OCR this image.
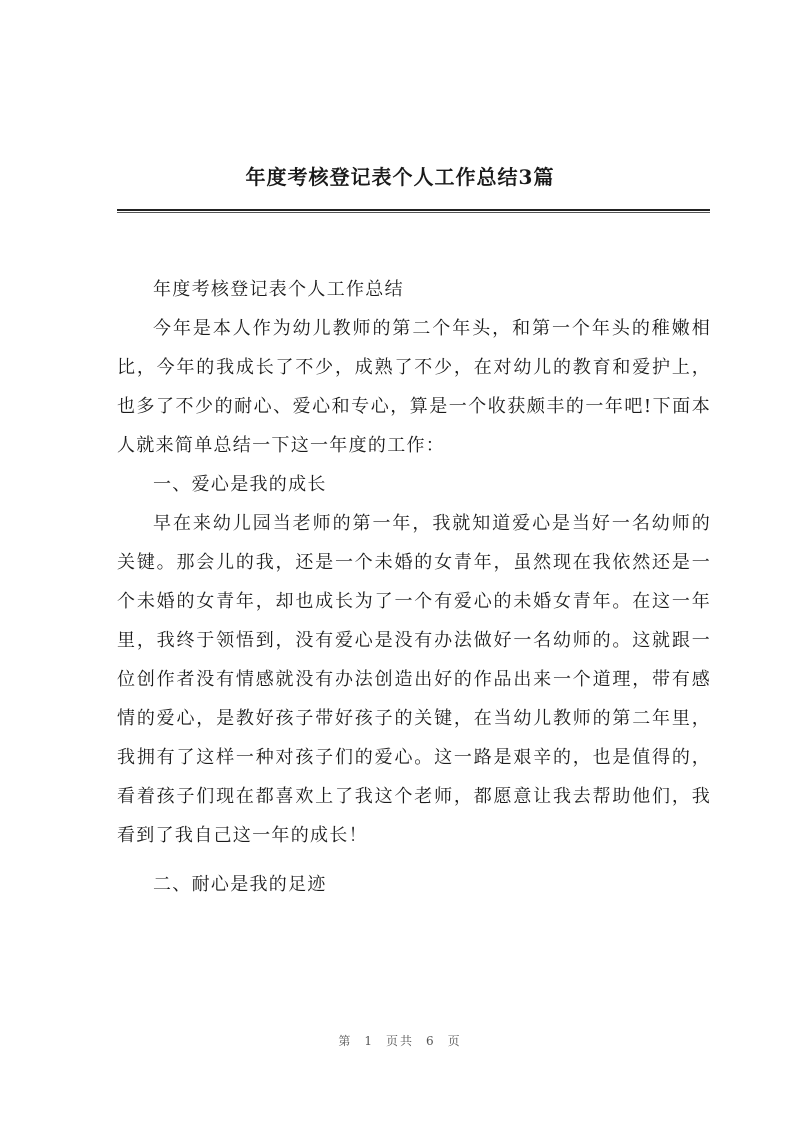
年度考核登记表个人工作总结3篇

年度考核登记表个人工作总结

今年是本人作为幼儿教师的第二个年头，和第一个年头的稚嫩相比，今年的我成长了不少，成熟了不少，在对幼儿的教育和爱护上，也多了不少的耐心、爱心和专心，算是一个收获颇丰的一年吧!下面本人就来简单总结一下这一年度的工作：

一、爱心是我的成长

早在来幼儿园当老师的第一年，我就知道爱心是当好一名幼师的关键。那会儿的我，还是一个未婚的女青年，虽然现在我依然还是一个未婚的女青年，却也成长为了一个有爱心的未婚女青年。在这一年里，我终于领悟到，没有爱心是没有办法做好一名幼师的。这就跟一位创作者没有情感就没有办法创造出好的作品出来一个道理，带有感情的爱心，是教好孩子带好孩子的关键，在当幼儿教师的第二年里，我拥有了这样一种对孩子们的爱心。这一路是艰辛的，也是值得的，看着孩子们现在都喜欢上了我这个老师，都愿意让我去帮助他们，我看到了我自己这一年的成长！

二、耐心是我的足迹

第 1 页共 6 页
